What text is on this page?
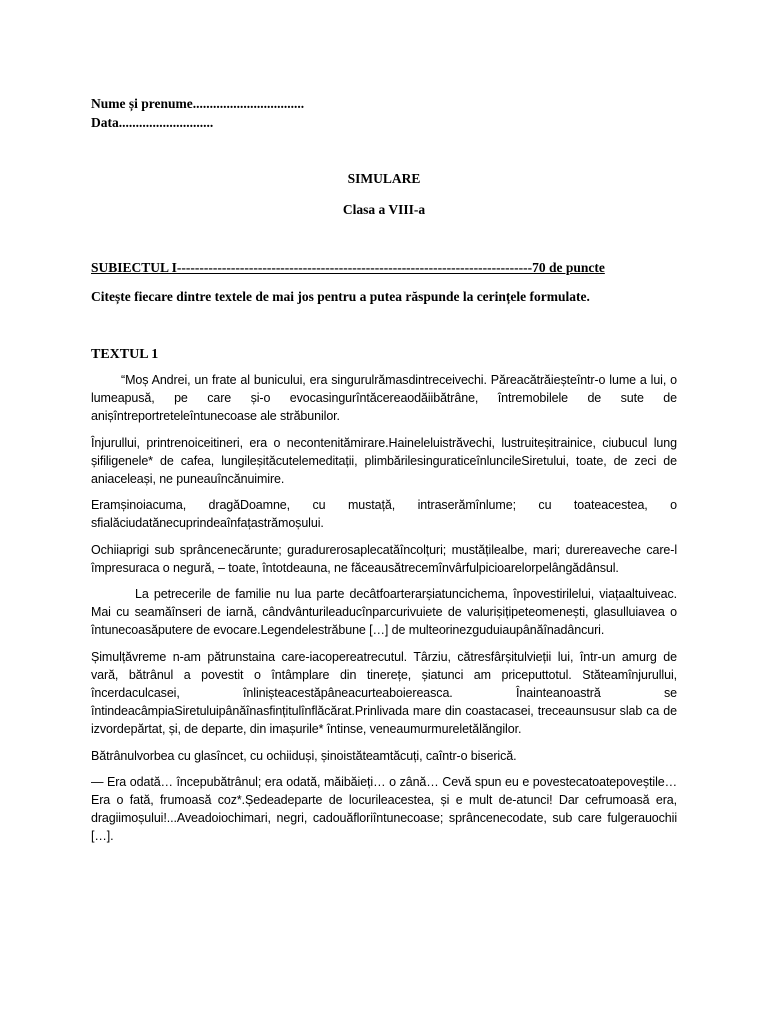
Nume și prenume.................................
Data............................
SIMULARE
Clasa a VIII-a
SUBIECTUL I-------------------------------------------------------------------------------70 de puncte
Citește fiecare dintre textele de mai jos pentru a putea răspunde la cerințele formulate.
TEXTUL 1

“Moș Andrei, un frate al bunicului, era singurulrămasdintreceivechi. Păreacătrăieșteîntr-o lume a lui, o lumeapusă, pe care și-o evocasingurîntăcereaodăiibătrâne, întremobilele de sute de anișîntreportreteleîntunecoase ale străbunilor.

Înjurullui, printrenoiceitineri, era o necontenitămirare.Haineleluistrăvechi, lustruiteșitrainice, ciubucul lung șifiligenele* de cafea, lungileșităcutelemeditații, plimbărilesinguraticeînluncileSiretului, toate, de zeci de aniaceleași, ne puneauîncănuimire.

Eramșinoiacuma, dragăDoamne, cu mustață, intraserămînlume; cu toateacestea, o sfialăciudatănecuprindeaînfațastrămoșului.

Ochiiaprigi sub sprâncenecărunte; guradurerosaplecatăîncolțuri; mustățilealbe, mari; durereaveche care-l împresuraca o negură, – toate, întotdeauna, ne făceausătrecemînvârfulpicioarelorpelângădânsul.

La petrecerile de familie nu lua parte decâtfoarterarșiatuncichema, înpovestirilelui, viațaaltuiveac. Mai cu seamăînseri de iarnă, cândvânturileaducînparcurivuiete de valurișițipeteomenești, glasulluiavea o întunecoasăputere de evocare.Legendelestrăbune […] de multeorinezguduiaupânăînadâncuri.

Șimulțăvreme n-am pătrunstaina care-iacopereatrecutul. Târziu, cătresfârșitulvieții lui, într-un amurg de vară, bătrânul a povestit o întâmplare din tinerețe, șiatunci am priceputtotul. Stăteamînjurullui, încerdaculcasei, înlinișteacestăpâneacurteaboiereasca. Înainteanoastră se întindeacâmpiaSiretuluipânăînasfințitulînflăcărat.Prinlivada mare din coastacasei, treceaunsusur slab ca de izvordepărtat, și, de departe, din imașurile* întinse, veneaumurmureletălăngilor.

Bătrânulvorbea cu glasîncet, cu ochiiduși, șinoistăteamtăcuți, caîntr-o biserică.

— Era odată… începubătrânul; era odată, măibăieți… o zână… Cevă spun eu e povestecatoatepoveștile… Era o fată, frumoasă coz*.Ședeadeparte de locurileacestea, și e mult de-atunci! Dar cefrumoasă era, dragiimoșului!...Aveadoiochimari, negri, cadouăfloriîntunecoase; sprâncenecodate, sub care fulgerauochii […].
